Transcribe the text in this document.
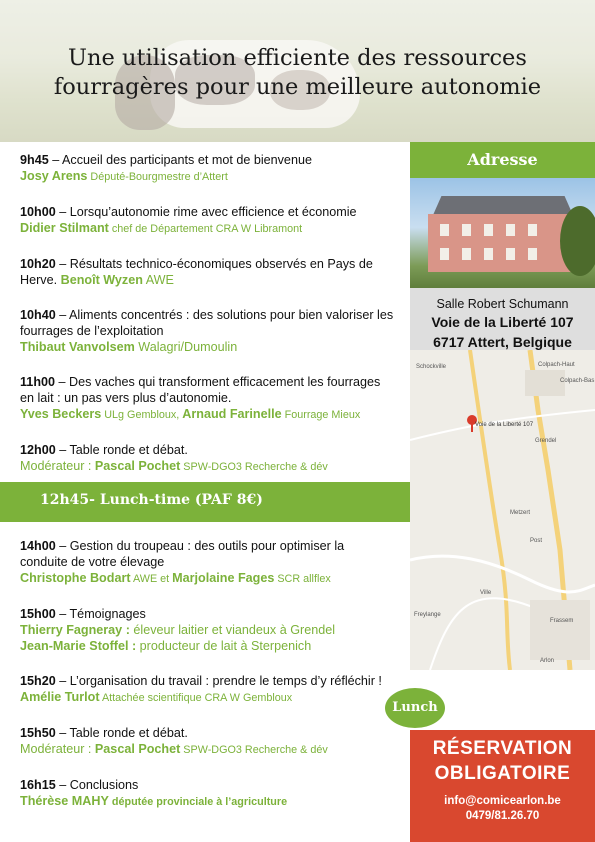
Une utilisation efficiente des ressources
fourragères pour une meilleure autonomie
9h45 – Accueil des participants et mot de bienvenue
Josy Arens Député-Bourgmestre d’Attert
10h00 – Lorsqu’autonomie rime avec efficience et économie
Didier Stilmant chef de Département CRA W Libramont
10h20 – Résultats technico-économiques observés en Pays de Herve. Benoît Wyzen AWE
10h40 – Aliments concentrés : des solutions pour bien valoriser les fourrages de l’exploitation
Thibaut Vanvolsem Walagri/Dumoulin
11h00 – Des vaches qui transforment efficacement les fourrages en lait : un pas vers plus d’autonomie.
Yves Beckers ULg Gembloux, Arnaud Farinelle Fourrage Mieux
12h00 – Table ronde et débat.
Modérateur : Pascal Pochet SPW-DGO3 Recherche & dév
12h45- Lunch-time (PAF 8€)
14h00 – Gestion du troupeau : des outils pour optimiser la conduite de votre élevage
Christophe Bodart AWE et Marjolaine Fages SCR allflex
15h00 – Témoignages
Thierry Fagneray : éleveur laitier et viandeux à Grendel
Jean-Marie Stoffel : producteur de lait à Sterpenich
15h20 – L’organisation du travail : prendre le temps d’y réfléchir !
Amélie Turlot Attachée scientifique CRA W Gembloux
15h50 – Table ronde et débat.
Modérateur : Pascal Pochet SPW-DGO3 Recherche & dév
16h15 – Conclusions
Thérèse MAHY députée provinciale à l’agriculture
Adresse
Salle Robert Schumann
Voie de la Liberté 107
6717 Attert, Belgique
Voie de la Liberté 107
Schockville	Colpach-Haut
Colpach-Bas
Grendel
Metzert
Post
Ville
Frassem
Freylange
Arlon
Lunch
RÉSERVATION
OBLIGATOIRE
info@comicearlon.be
0479/81.26.70
